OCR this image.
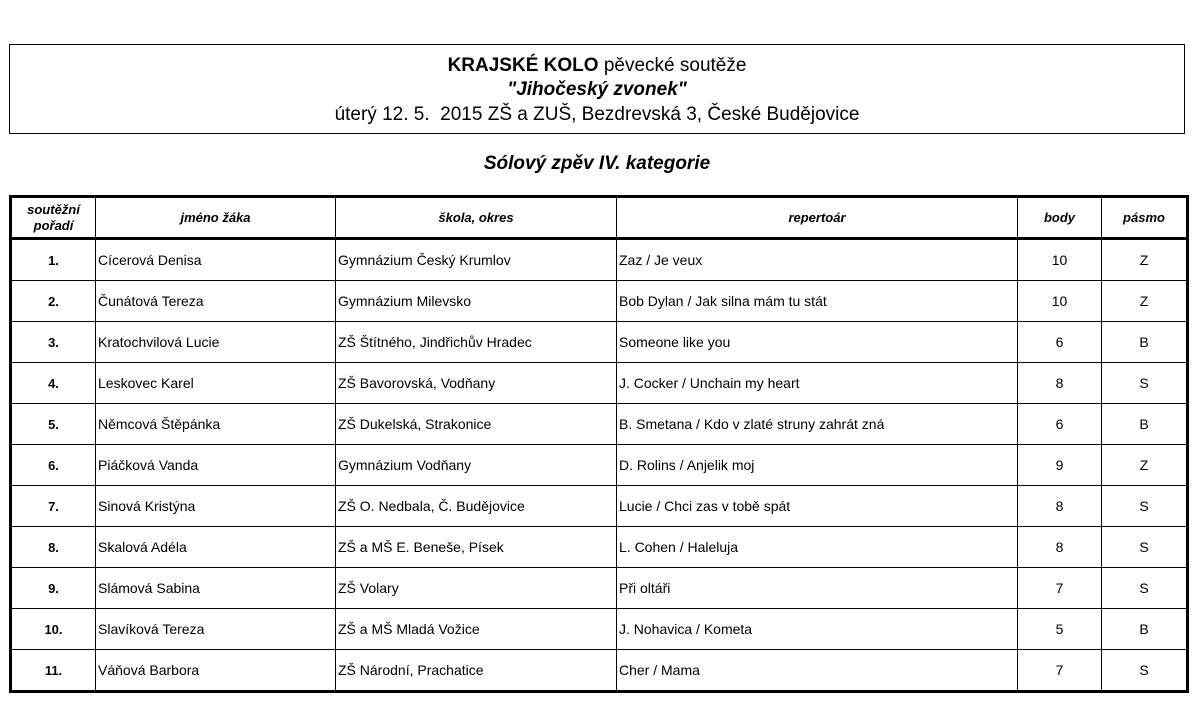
KRAJSKÉ KOLO pěvecké soutěže
"Jihočeský zvonek"
úterý 12. 5.  2015 ZŠ a ZUŠ, Bezdrevská 3, České Budějovice
Sólový zpěv IV. kategorie
soutěžní pořadí	jméno žáka	škola, okres	repertoár	body	pásmo
1.	Cícerová Denisa	Gymnázium Český Krumlov	Zaz / Je veux	10	Z
2.	Čunátová Tereza	Gymnázium Milevsko	Bob Dylan / Jak silna mám tu stát	10	Z
3.	Kratochvilová Lucie	ZŠ Štítného, Jindřichův Hradec	Someone like you	6	B
4.	Leskovec Karel	ZŠ Bavorovská, Vodňany	J. Cocker / Unchain my heart	8	S
5.	Němcová Štěpánka	ZŠ Dukelská, Strakonice	B. Smetana / Kdo v zlaté struny zahrát zná	6	B
6.	Piáčková Vanda	Gymnázium Vodňany	D. Rolins / Anjelik moj	9	Z
7.	Sinová Kristýna	ZŠ O. Nedbala, Č. Budějovice	Lucie / Chci zas v tobě spát	8	S
8.	Skalová Adéla	ZŠ a MŠ E. Beneše, Písek	L. Cohen / Haleluja	8	S
9.	Slámová Sabina	ZŠ Volary	Při oltáři	7	S
10.	Slavíková Tereza	ZŠ a MŠ Mladá Vožice	J. Nohavica / Kometa	5	B
11.	Váňová Barbora	ZŠ Národní, Prachatice	Cher / Mama	7	S
